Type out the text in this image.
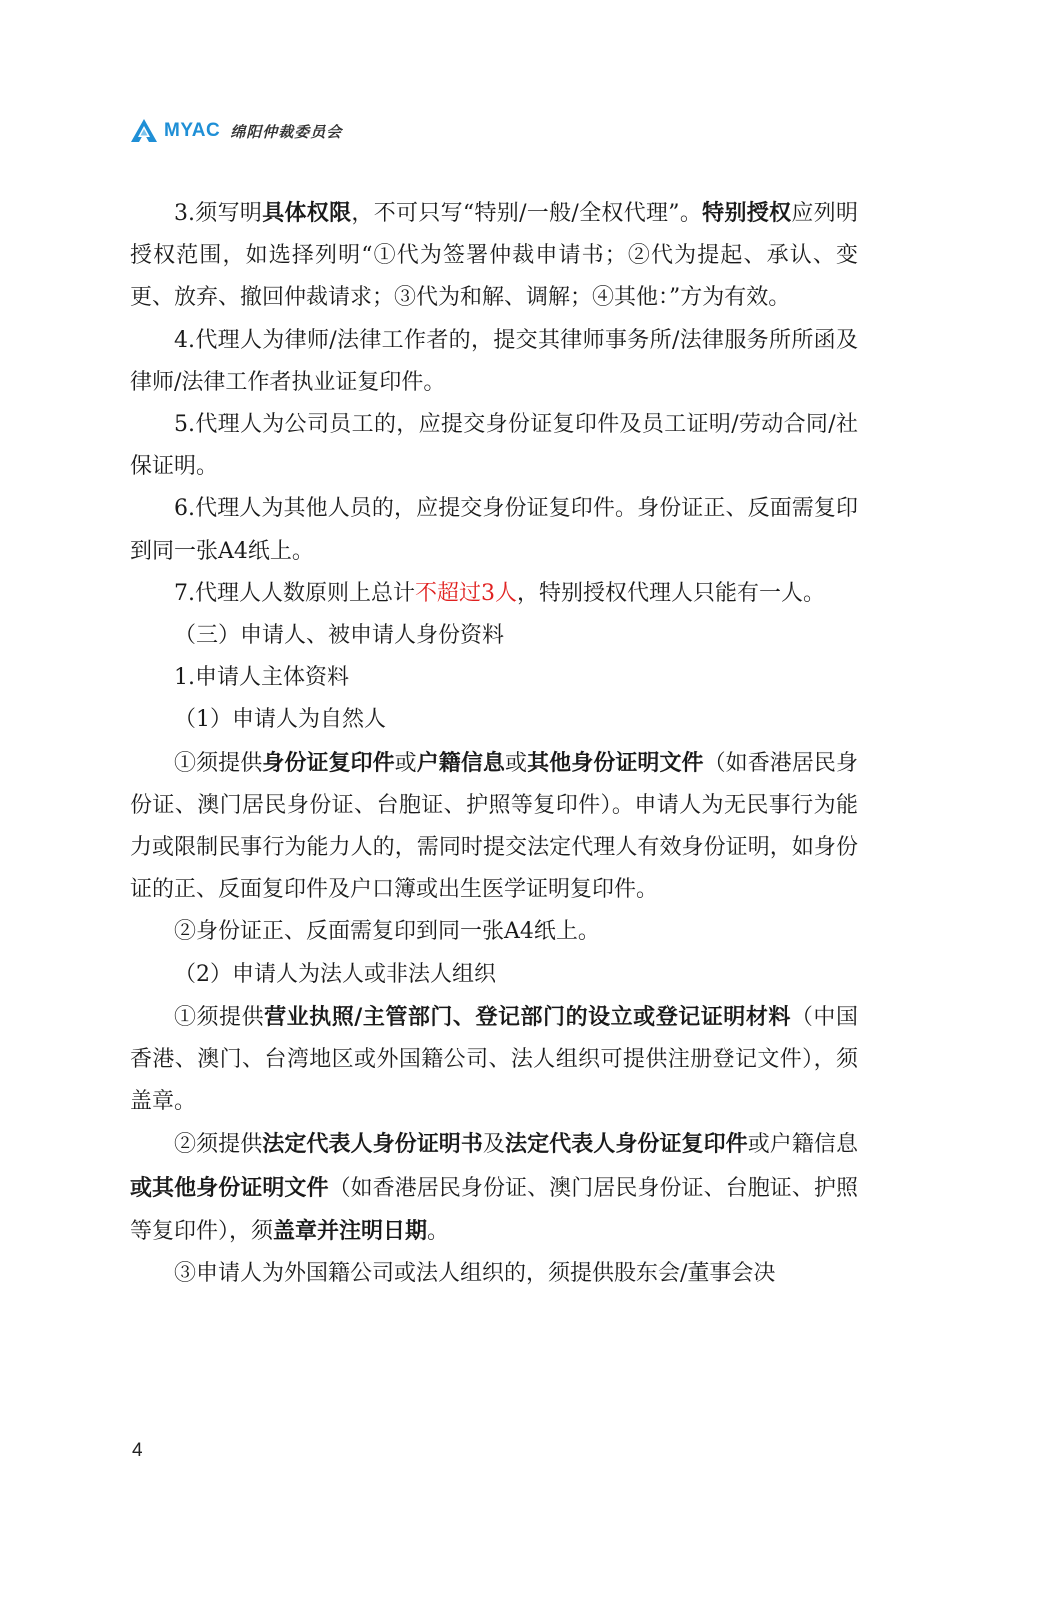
MYAC 绵阳仲裁委员会

3.须写明具体权限，不可只写“特别/一般/全权代理”。特别授权应列明授权范围，如选择列明“①代为签署仲裁申请书；②代为提起、承认、变更、放弃、撤回仲裁请求；③代为和解、调解；④其他：”方为有效。

4.代理人为律师/法律工作者的，提交其律师事务所/法律服务所所函及律师/法律工作者执业证复印件。

5.代理人为公司员工的，应提交身份证复印件及员工证明/劳动合同/社保证明。

6.代理人为其他人员的，应提交身份证复印件。身份证正、反面需复印到同一张A4纸上。

7.代理人人数原则上总计不超过3人，特别授权代理人只能有一人。

（三）申请人、被申请人身份资料

1.申请人主体资料

（1）申请人为自然人

①须提供身份证复印件或户籍信息或其他身份证明文件（如香港居民身份证、澳门居民身份证、台胞证、护照等复印件）。申请人为无民事行为能力或限制民事行为能力人的，需同时提交法定代理人有效身份证明，如身份证的正、反面复印件及户口簿或出生医学证明复印件。

②身份证正、反面需复印到同一张A4纸上。

（2）申请人为法人或非法人组织

①须提供营业执照/主管部门、登记部门的设立或登记证明材料（中国香港、澳门、台湾地区或外国籍公司、法人组织可提供注册登记文件），须盖章。

②须提供法定代表人身份证明书及法定代表人身份证复印件或户籍信息或其他身份证明文件（如香港居民身份证、澳门居民身份证、台胞证、护照等复印件），须盖章并注明日期。

③申请人为外国籍公司或法人组织的，须提供股东会/董事会决

4
